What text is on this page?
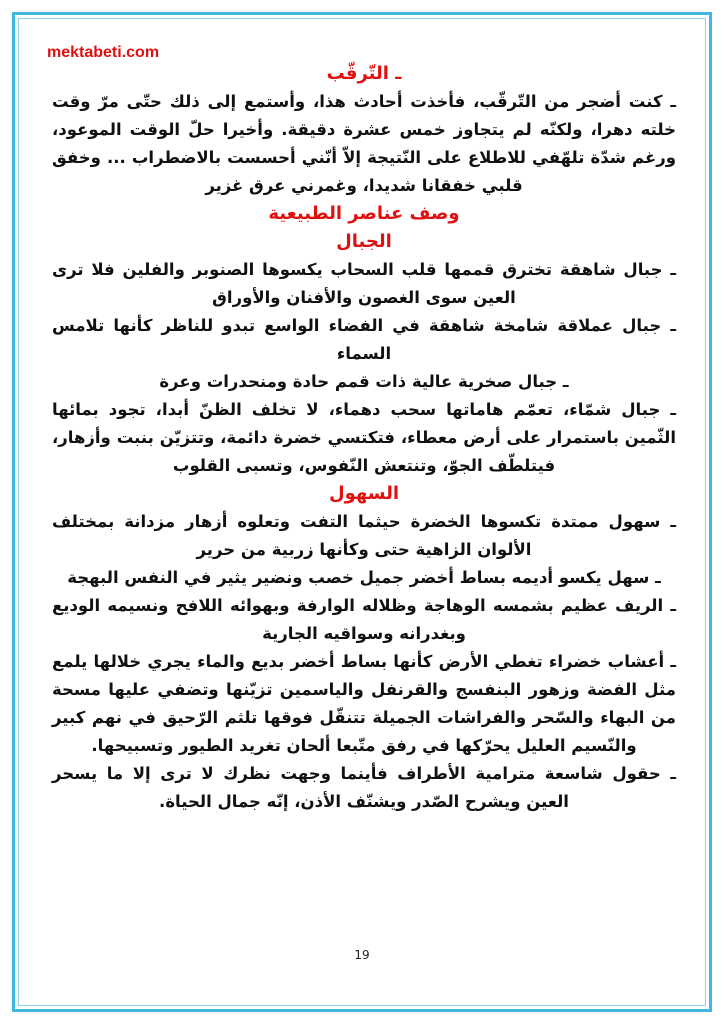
mektabeti.com
ـ التّرقّب
ـ كنت أضجر من التّرقّب، فأخذت أحادث هذا، وأستمع إلى ذلك حتّى مرّ وقت خلته دهرا، ولكنّه لم يتجاوز خمس عشرة دقيقة. وأخيرا حلّ الوقت الموعود، ورغم شدّة تلهّفي للاطلاع على النّتيجة إلاّ أنّني أحسست بالاضطراب ... وخفق قلبي خفقانا شديدا، وغمرني عرق غزير
وصف عناصر الطبيعية
الجبال
ـ جبال شاهقة تخترق قممها قلب السحاب يكسوها الصنوبر والفلين فلا ترى العين سوى الغصون والأفنان والأوراق
ـ جبال عملاقة شامخة شاهقة في الفضاء الواسع تبدو للناظر كأنها تلامس السماء
ـ جبال صخرية عالية ذات قمم حادة ومنحدرات وعرة
ـ جبال شمّاء، تعمّم هاماتها سحب دهماء، لا تخلف الظنّ أبدا، تجود بمائها الثّمين باستمرار على أرض معطاء، فتكتسي خضرة دائمة، وتتزيّن بنبت وأزهار، فيتلطّف الجوّ، وتنتعش النّفوس، وتسبى القلوب
السهول
ـ سهول ممتدة تكسوها الخضرة حيثما التفت وتعلوه أزهار مزدانة بمختلف الألوان الزاهية حتى وكأنها زربية من حرير
ـ سهل يكسو أديمه بساط أخضر جميل خصب ونضير يثير في النفس البهجة
ـ الريف عظيم بشمسه الوهاجة وظلاله الوارفة وبهوائه اللافح ونسيمه الوديع وبغدرانه وسواقيه الجارية
ـ أعشاب خضراء تغطي الأرض كأنها بساط أخضر بديع والماء يجري خلالها يلمع مثل الفضة وزهور البنفسج والقرنفل والياسمين تزيّنها وتضفي عليها مسحة من البهاء والسّحر والفراشات الجميلة تتنقّل فوقها تلثم الرّحيق في نهم كبير والنّسيم العليل يحرّكها في رفق متّبعا ألحان تغريد الطيور وتسبيحها.
ـ حقول شاسعة مترامية الأطراف فأينما وجهت نظرك لا ترى إلا ما يسحر العين ويشرح الصّدر ويشنّف الأذن، إنّه جمال الحياة.
19
